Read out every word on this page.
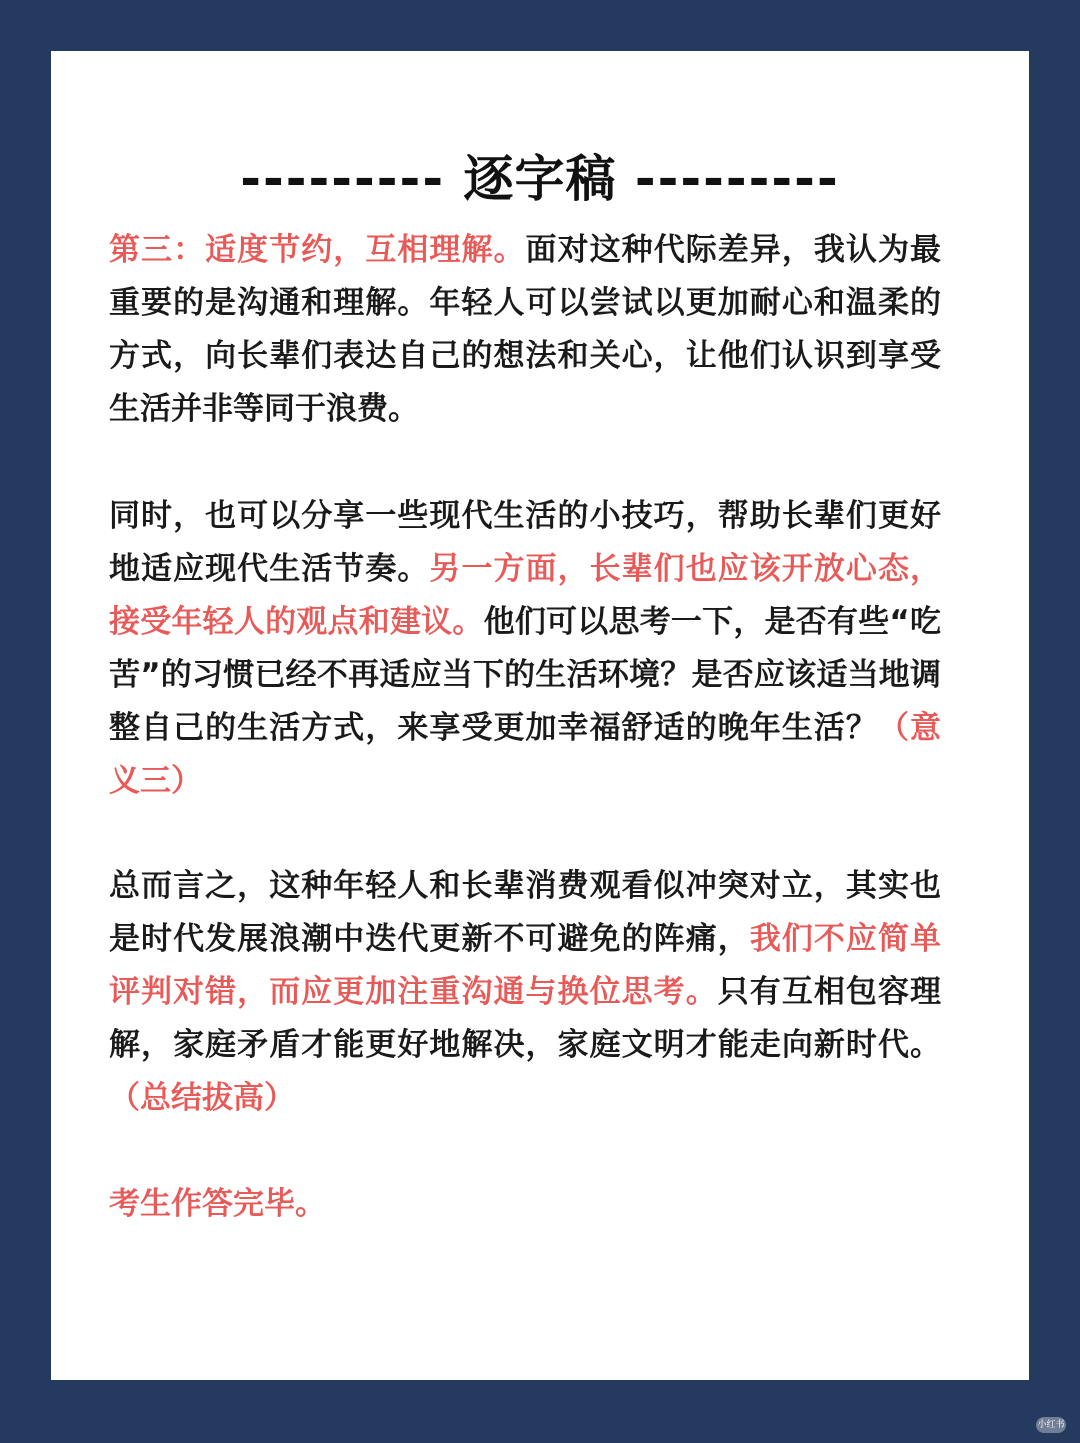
--------- 逐字稿 ---------

第三：适度节约，互相理解。面对这种代际差异，我认为最重要的是沟通和理解。年轻人可以尝试以更加耐心和温柔的方式，向长辈们表达自己的想法和关心，让他们认识到享受生活并非等同于浪费。

同时，也可以分享一些现代生活的小技巧，帮助长辈们更好地适应现代生活节奏。另一方面，长辈们也应该开放心态，接受年轻人的观点和建议。他们可以思考一下，是否有些“吃苦”的习惯已经不再适应当下的生活环境？是否应该适当地调整自己的生活方式，来享受更加幸福舒适的晚年生活？（意义三）

总而言之，这种年轻人和长辈消费观看似冲突对立，其实也是时代发展浪潮中迭代更新不可避免的阵痛，我们不应简单评判对错，而应更加注重沟通与换位思考。只有互相包容理解，家庭矛盾才能更好地解决，家庭文明才能走向新时代。（总结拔高）

考生作答完毕。

小红书
